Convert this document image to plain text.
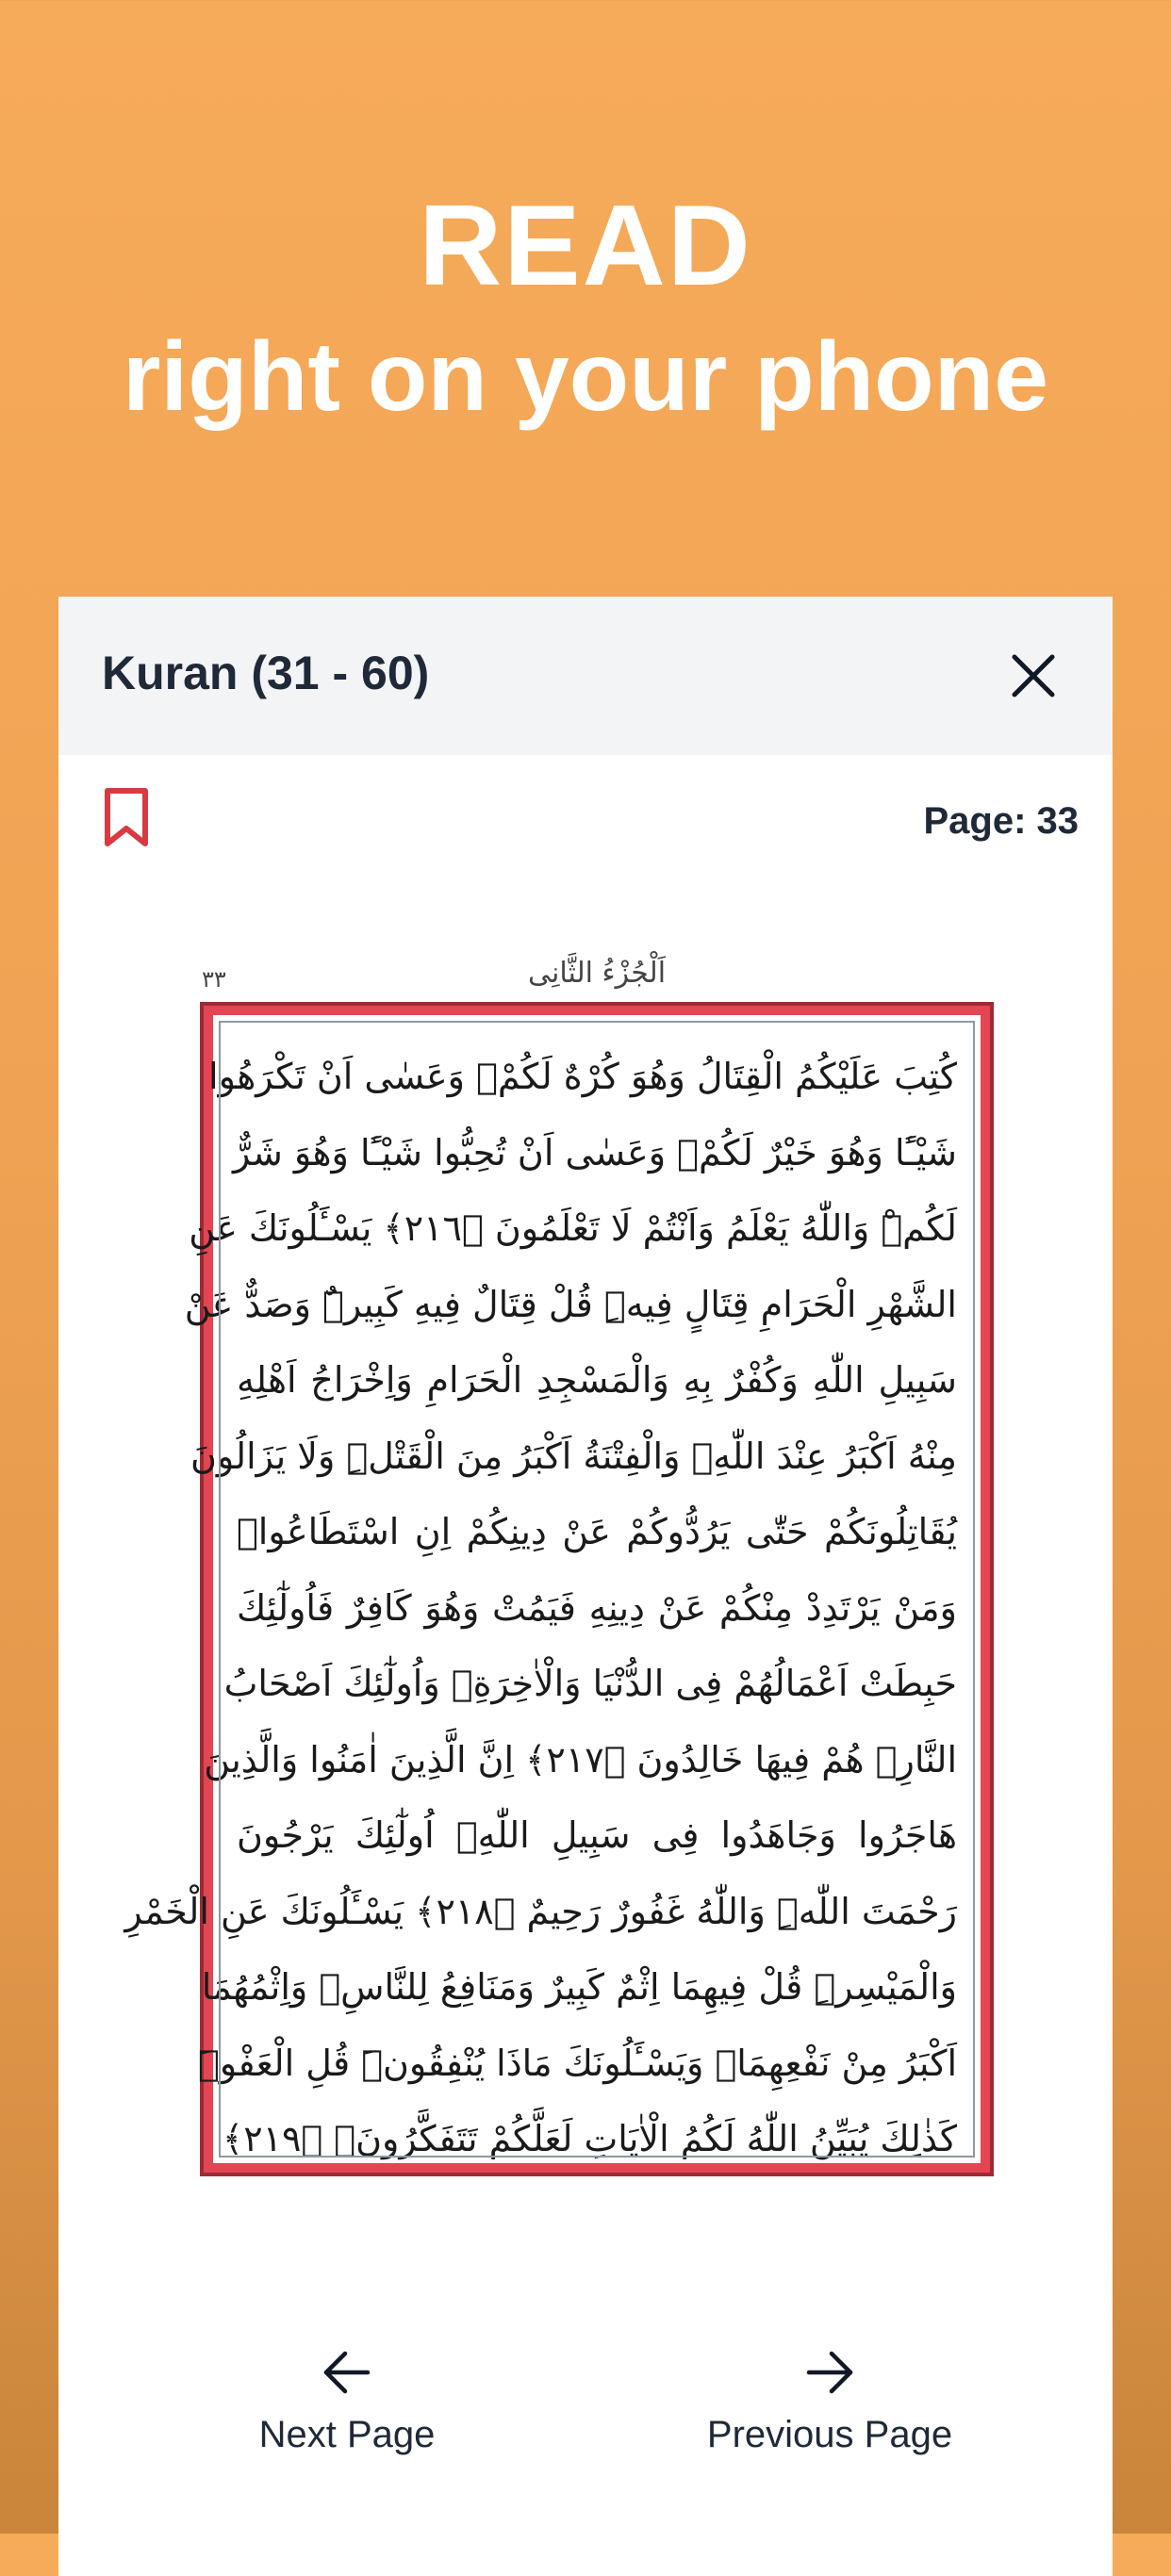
READ
right on your phone
Kuran (31 - 60)
Page: 33
٣٣	اَلْجُزْءُ الثَّانِى
كُتِبَ عَلَيْكُمُ الْقِتَالُ وَهُوَ كُرْهٌ لَكُمْۚ وَعَسٰى اَنْ تَكْرَهُوا
شَيْـًٔا وَهُوَ خَيْرٌ لَكُمْۚ وَعَسٰى اَنْ تُحِبُّوا شَيْـًٔا وَهُوَ شَرٌّ
لَكُمْۜ وَاللّٰهُ يَعْلَمُ وَاَنْتُمْ لَا تَعْلَمُونَ ﴿٢١٦﴾ يَسْـَٔلُونَكَ عَنِ
الشَّهْرِ الْحَرَامِ قِتَالٍ فِيهِۜ قُلْ قِتَالٌ فِيهِ كَبِيرٌۜ وَصَدٌّ عَنْ
سَبِيلِ اللّٰهِ وَكُفْرٌ بِهِ وَالْمَسْجِدِ الْحَرَامِ وَاِخْرَاجُ اَهْلِهِ
مِنْهُ اَكْبَرُ عِنْدَ اللّٰهِۚ وَالْفِتْنَةُ اَكْبَرُ مِنَ الْقَتْلِۜ وَلَا يَزَالُونَ
يُقَاتِلُونَكُمْ حَتّٰى يَرُدُّوكُمْ عَنْ دِينِكُمْ اِنِ اسْتَطَاعُواۜ
وَمَنْ يَرْتَدِدْ مِنْكُمْ عَنْ دِينِهِ فَيَمُتْ وَهُوَ كَافِرٌ فَاُولٰٓئِكَ
حَبِطَتْ اَعْمَالُهُمْ فِى الدُّنْيَا وَالْاٰخِرَةِۚ وَاُولٰٓئِكَ اَصْحَابُ
النَّارِۚ هُمْ فِيهَا خَالِدُونَ ﴿٢١٧﴾ اِنَّ الَّذِينَ اٰمَنُوا وَالَّذِينَ
هَاجَرُوا وَجَاهَدُوا فِى سَبِيلِ اللّٰهِۙ اُولٰٓئِكَ يَرْجُونَ
رَحْمَتَ اللّٰهِۜ وَاللّٰهُ غَفُورٌ رَحِيمٌ ﴿٢١٨﴾ يَسْـَٔلُونَكَ عَنِ الْخَمْرِ
وَالْمَيْسِرِۜ قُلْ فِيهِمَا اِثْمٌ كَبِيرٌ وَمَنَافِعُ لِلنَّاسِۘ وَاِثْمُهُمَا
اَكْبَرُ مِنْ نَفْعِهِمَاۜ وَيَسْـَٔلُونَكَ مَاذَا يُنْفِقُونَۜ قُلِ الْعَفْوَۜ
كَذٰلِكَ يُبَيِّنُ اللّٰهُ لَكُمُ الْاٰيَاتِ لَعَلَّكُمْ تَتَفَكَّرُونَۙ ﴿٢١٩﴾
Next Page	Previous Page
